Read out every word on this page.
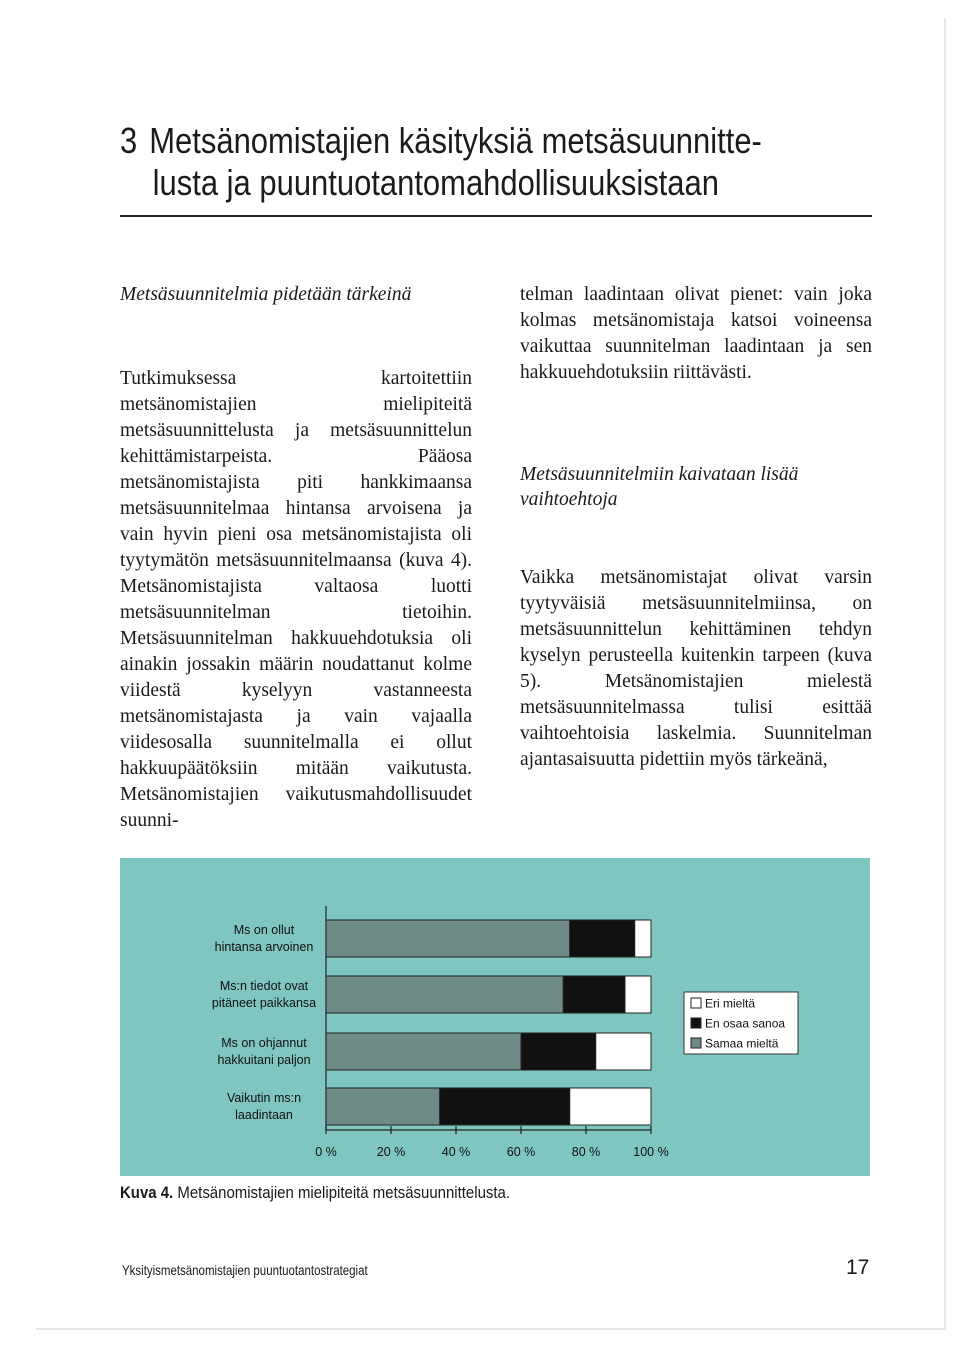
3 Metsänomistajien käsityksiä metsäsuunnitte-
lusta ja puuntuotantomahdollisuuksistaan

Metsäsuunnitelmia pidetään tärkeinä

Tutkimuksessa kartoitettiin metsänomistajien mielipiteitä metsäsuunnittelusta ja metsäsuunnittelun kehittämistarpeista. Pääosa metsänomistajista piti hankkimaansa metsäsuunnitelmaa hintansa arvoisena ja vain hyvin pieni osa metsänomistajista oli tyytymätön metsäsuunnitelmaansa (kuva 4). Metsänomistajista valtaosa luotti metsäsuunnitelman tietoihin. Metsäsuunnitelman hakkuuehdotuksia oli ainakin jossakin määrin noudattanut kolme viidestä kyselyyn vastanneesta metsänomistajasta ja vain vajaalla viidesosalla suunnitelmalla ei ollut hakkuupäätöksiin mitään vaikutusta. Metsänomistajien vaikutusmahdollisuudet suunni-

telman laadintaan olivat pienet: vain joka kolmas metsänomistaja katsoi voineensa vaikuttaa suunnitelman laadintaan ja sen hakkuuehdotuksiin riittävästi.

Metsäsuunnitelmiin kaivataan lisää vaihtoehtoja

Vaikka metsänomistajat olivat varsin tyytyväisiä metsäsuunnitelmiinsa, on metsäsuunnittelun kehittäminen tehdyn kyselyn perusteella kuitenkin tarpeen (kuva 5). Metsänomistajien mielestä metsäsuunnitelmassa tulisi esittää vaihtoehtoisia laskelmia. Suunnitelman ajantasaisuutta pidettiin myös tärkeänä,

Ms on ollut
hintansa arvoinen
Ms:n tiedot ovat
pitäneet paikkansa
Ms on ohjannut
hakkuitani paljon
Vaikutin ms:n
laadintaan
0 %	20 %	40 %	60 %	80 %	100 %
Eri mieltä
En osaa sanoa
Samaa mieltä
Kuva 4. Metsänomistajien mielipiteitä metsäsuunnittelusta.
Yksityismetsänomistajien puuntuotantostrategiat	17
